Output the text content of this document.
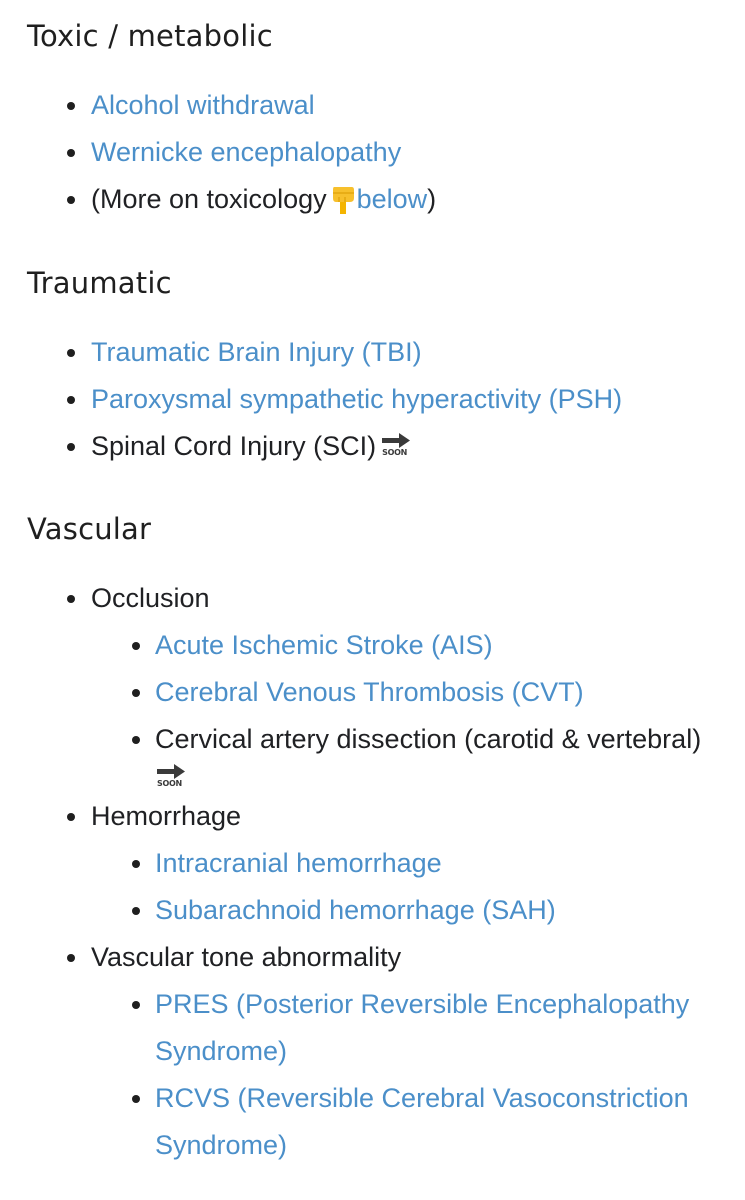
Toxic / metabolic
Alcohol withdrawal
Wernicke encephalopathy
(More on toxicology below)
Traumatic
Traumatic Brain Injury (TBI)
Paroxysmal sympathetic hyperactivity (PSH)
Spinal Cord Injury (SCI) SOON
Vascular
Occlusion
Acute Ischemic Stroke (AIS)
Cerebral Venous Thrombosis (CVT)
Cervical artery dissection (carotid & vertebral)
SOON
Hemorrhage
Intracranial hemorrhage
Subarachnoid hemorrhage (SAH)
Vascular tone abnormality
PRES (Posterior Reversible Encephalopathy Syndrome)
RCVS (Reversible Cerebral Vasoconstriction Syndrome)
